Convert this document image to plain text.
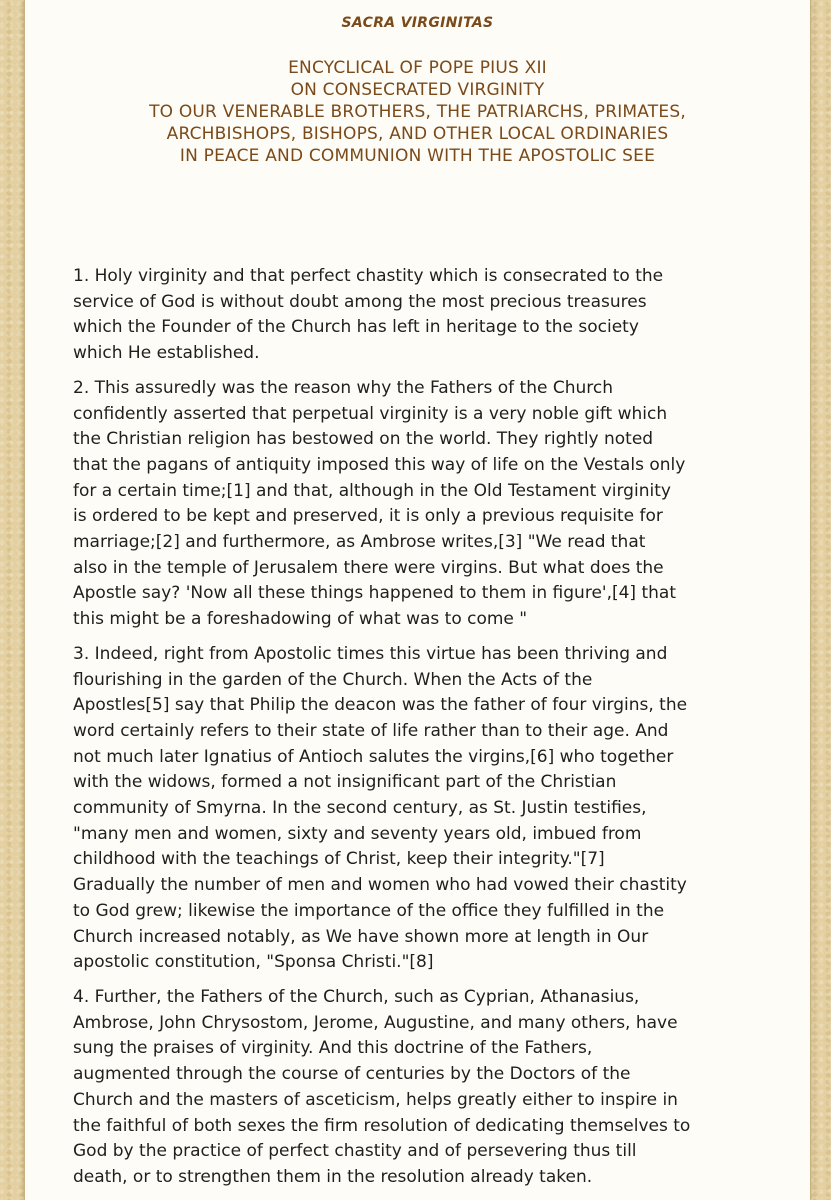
SACRA VIRGINITAS
ENCYCLICAL OF POPE PIUS XII
ON CONSECRATED VIRGINITY
TO OUR VENERABLE BROTHERS, THE PATRIARCHS, PRIMATES,
ARCHBISHOPS, BISHOPS, AND OTHER LOCAL ORDINARIES
IN PEACE AND COMMUNION WITH THE APOSTOLIC SEE

1. Holy virginity and that perfect chastity which is consecrated to the
service of God is without doubt among the most precious treasures
which the Founder of the Church has left in heritage to the society
which He established.

2. This assuredly was the reason why the Fathers of the Church
confidently asserted that perpetual virginity is a very noble gift which
the Christian religion has bestowed on the world. They rightly noted
that the pagans of antiquity imposed this way of life on the Vestals only
for a certain time;[1] and that, although in the Old Testament virginity
is ordered to be kept and preserved, it is only a previous requisite for
marriage;[2] and furthermore, as Ambrose writes,[3] "We read that
also in the temple of Jerusalem there were virgins. But what does the
Apostle say? 'Now all these things happened to them in figure',[4] that
this might be a foreshadowing of what was to come "

3. Indeed, right from Apostolic times this virtue has been thriving and
flourishing in the garden of the Church. When the Acts of the
Apostles[5] say that Philip the deacon was the father of four virgins, the
word certainly refers to their state of life rather than to their age. And
not much later Ignatius of Antioch salutes the virgins,[6] who together
with the widows, formed a not insignificant part of the Christian
community of Smyrna. In the second century, as St. Justin testifies,
"many men and women, sixty and seventy years old, imbued from
childhood with the teachings of Christ, keep their integrity."[7]
Gradually the number of men and women who had vowed their chastity
to God grew; likewise the importance of the office they fulfilled in the
Church increased notably, as We have shown more at length in Our
apostolic constitution, "Sponsa Christi."[8]

4. Further, the Fathers of the Church, such as Cyprian, Athanasius,
Ambrose, John Chrysostom, Jerome, Augustine, and many others, have
sung the praises of virginity. And this doctrine of the Fathers,
augmented through the course of centuries by the Doctors of the
Church and the masters of asceticism, helps greatly either to inspire in
the faithful of both sexes the firm resolution of dedicating themselves to
God by the practice of perfect chastity and of persevering thus till
death, or to strengthen them in the resolution already taken.
